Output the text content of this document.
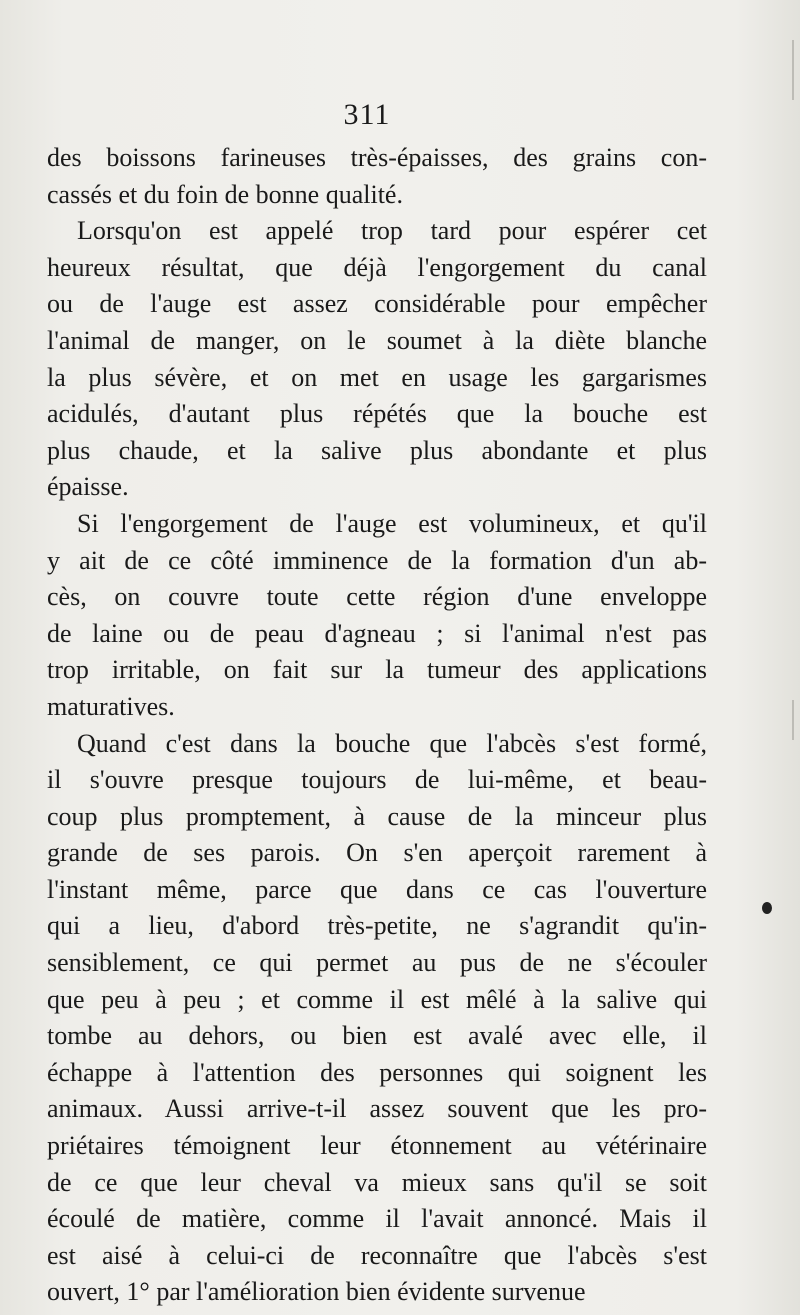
311
des boissons farineuses très-épaisses, des grains con-
cassés et du foin de bonne qualité.
Lorsqu'on est appelé trop tard pour espérer cet
heureux résultat, que déjà l'engorgement du canal
ou de l'auge est assez considérable pour empêcher
l'animal de manger, on le soumet à la diète blanche
la plus sévère, et on met en usage les gargarismes
acidulés, d'autant plus répétés que la bouche est
plus chaude, et la salive plus abondante et plus
épaisse.
Si l'engorgement de l'auge est volumineux, et qu'il
y ait de ce côté imminence de la formation d'un ab-
cès, on couvre toute cette région d'une enveloppe
de laine ou de peau d'agneau ; si l'animal n'est pas
trop irritable, on fait sur la tumeur des applications
maturatives.
Quand c'est dans la bouche que l'abcès s'est formé,
il s'ouvre presque toujours de lui-même, et beau-
coup plus promptement, à cause de la minceur plus
grande de ses parois. On s'en aperçoit rarement à
l'instant même, parce que dans ce cas l'ouverture
qui a lieu, d'abord très-petite, ne s'agrandit qu'in-
sensiblement, ce qui permet au pus de ne s'écouler
que peu à peu ; et comme il est mêlé à la salive qui
tombe au dehors, ou bien est avalé avec elle, il
échappe à l'attention des personnes qui soignent les
animaux. Aussi arrive-t-il assez souvent que les pro-
priétaires témoignent leur étonnement au vétérinaire
de ce que leur cheval va mieux sans qu'il se soit
écoulé de matière, comme il l'avait annoncé. Mais il
est aisé à celui-ci de reconnaître que l'abcès s'est
ouvert, 1° par l'amélioration bien évidente survenue
